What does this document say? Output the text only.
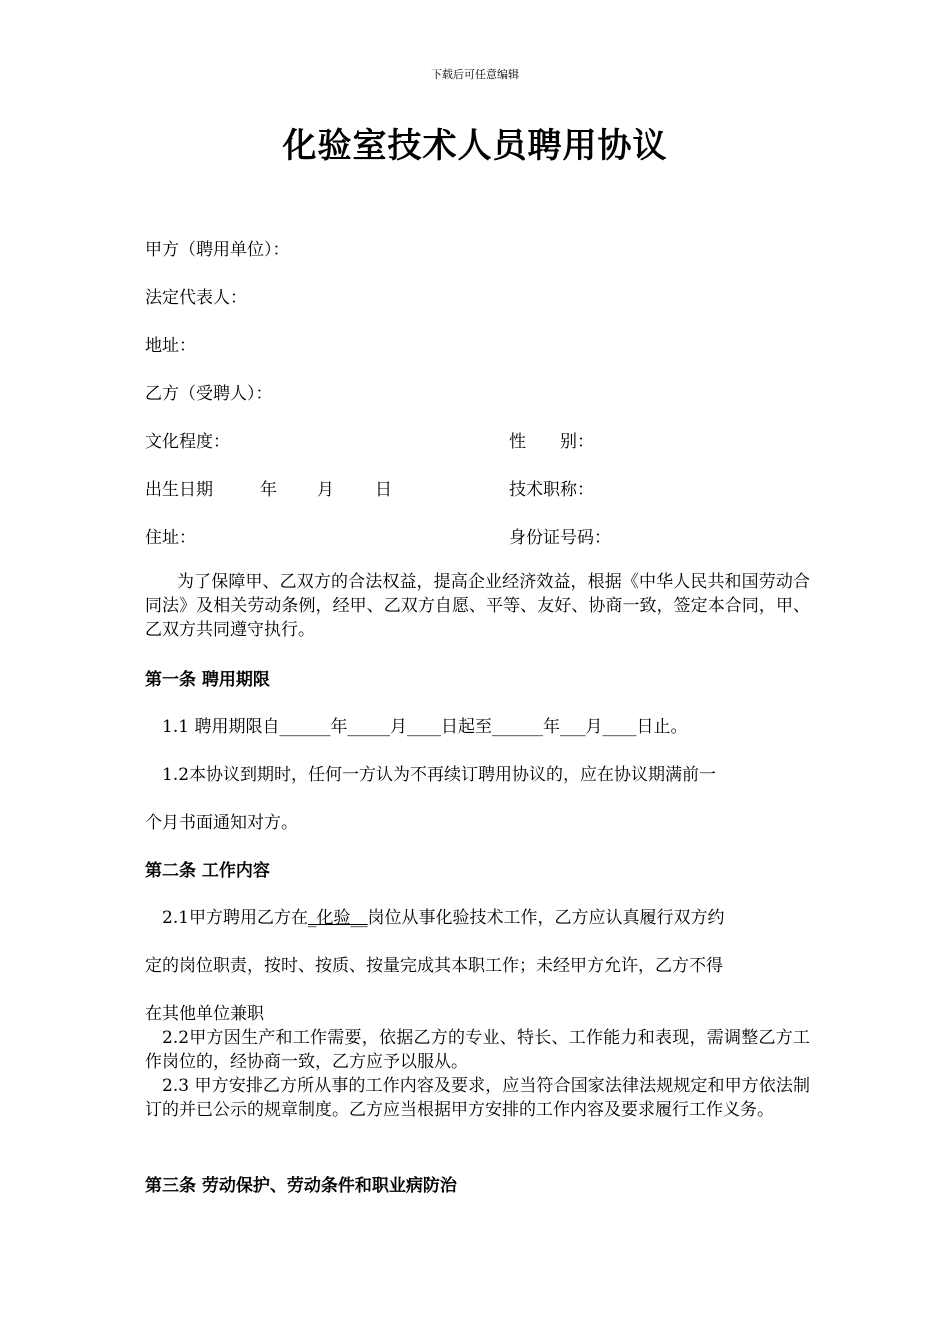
下载后可任意编辑
化验室技术人员聘用协议
甲方（聘用单位）：
法定代表人：
地址：
乙方（受聘人）：
文化程度：	性　　别：
出生日期	年 月 日	技术职称：
住址：	身份证号码：
为了保障甲、乙双方的合法权益，提高企业经济效益，根据《中华人民共和国劳动合同法》及相关劳动条例，经甲、乙双方自愿、平等、友好、协商一致，签定本合同，甲、乙双方共同遵守执行。
第一条 聘用期限
1.1 聘用期限自______年_____月____日起至______年___月____日止。
1.2本协议到期时，任何一方认为不再续订聘用协议的，应在协议期满前一
个月书面通知对方。
第二条 工作内容
2.1甲方聘用乙方在_化验__岗位从事化验技术工作，乙方应认真履行双方约
定的岗位职责，按时、按质、按量完成其本职工作；未经甲方允许，乙方不得
在其他单位兼职
2.2甲方因生产和工作需要，依据乙方的专业、特长、工作能力和表现，需调整乙方工作岗位的，经协商一致，乙方应予以服从。
2.3 甲方安排乙方所从事的工作内容及要求，应当符合国家法律法规规定和甲方依法制订的并已公示的规章制度。乙方应当根据甲方安排的工作内容及要求履行工作义务。
第三条 劳动保护、劳动条件和职业病防治
